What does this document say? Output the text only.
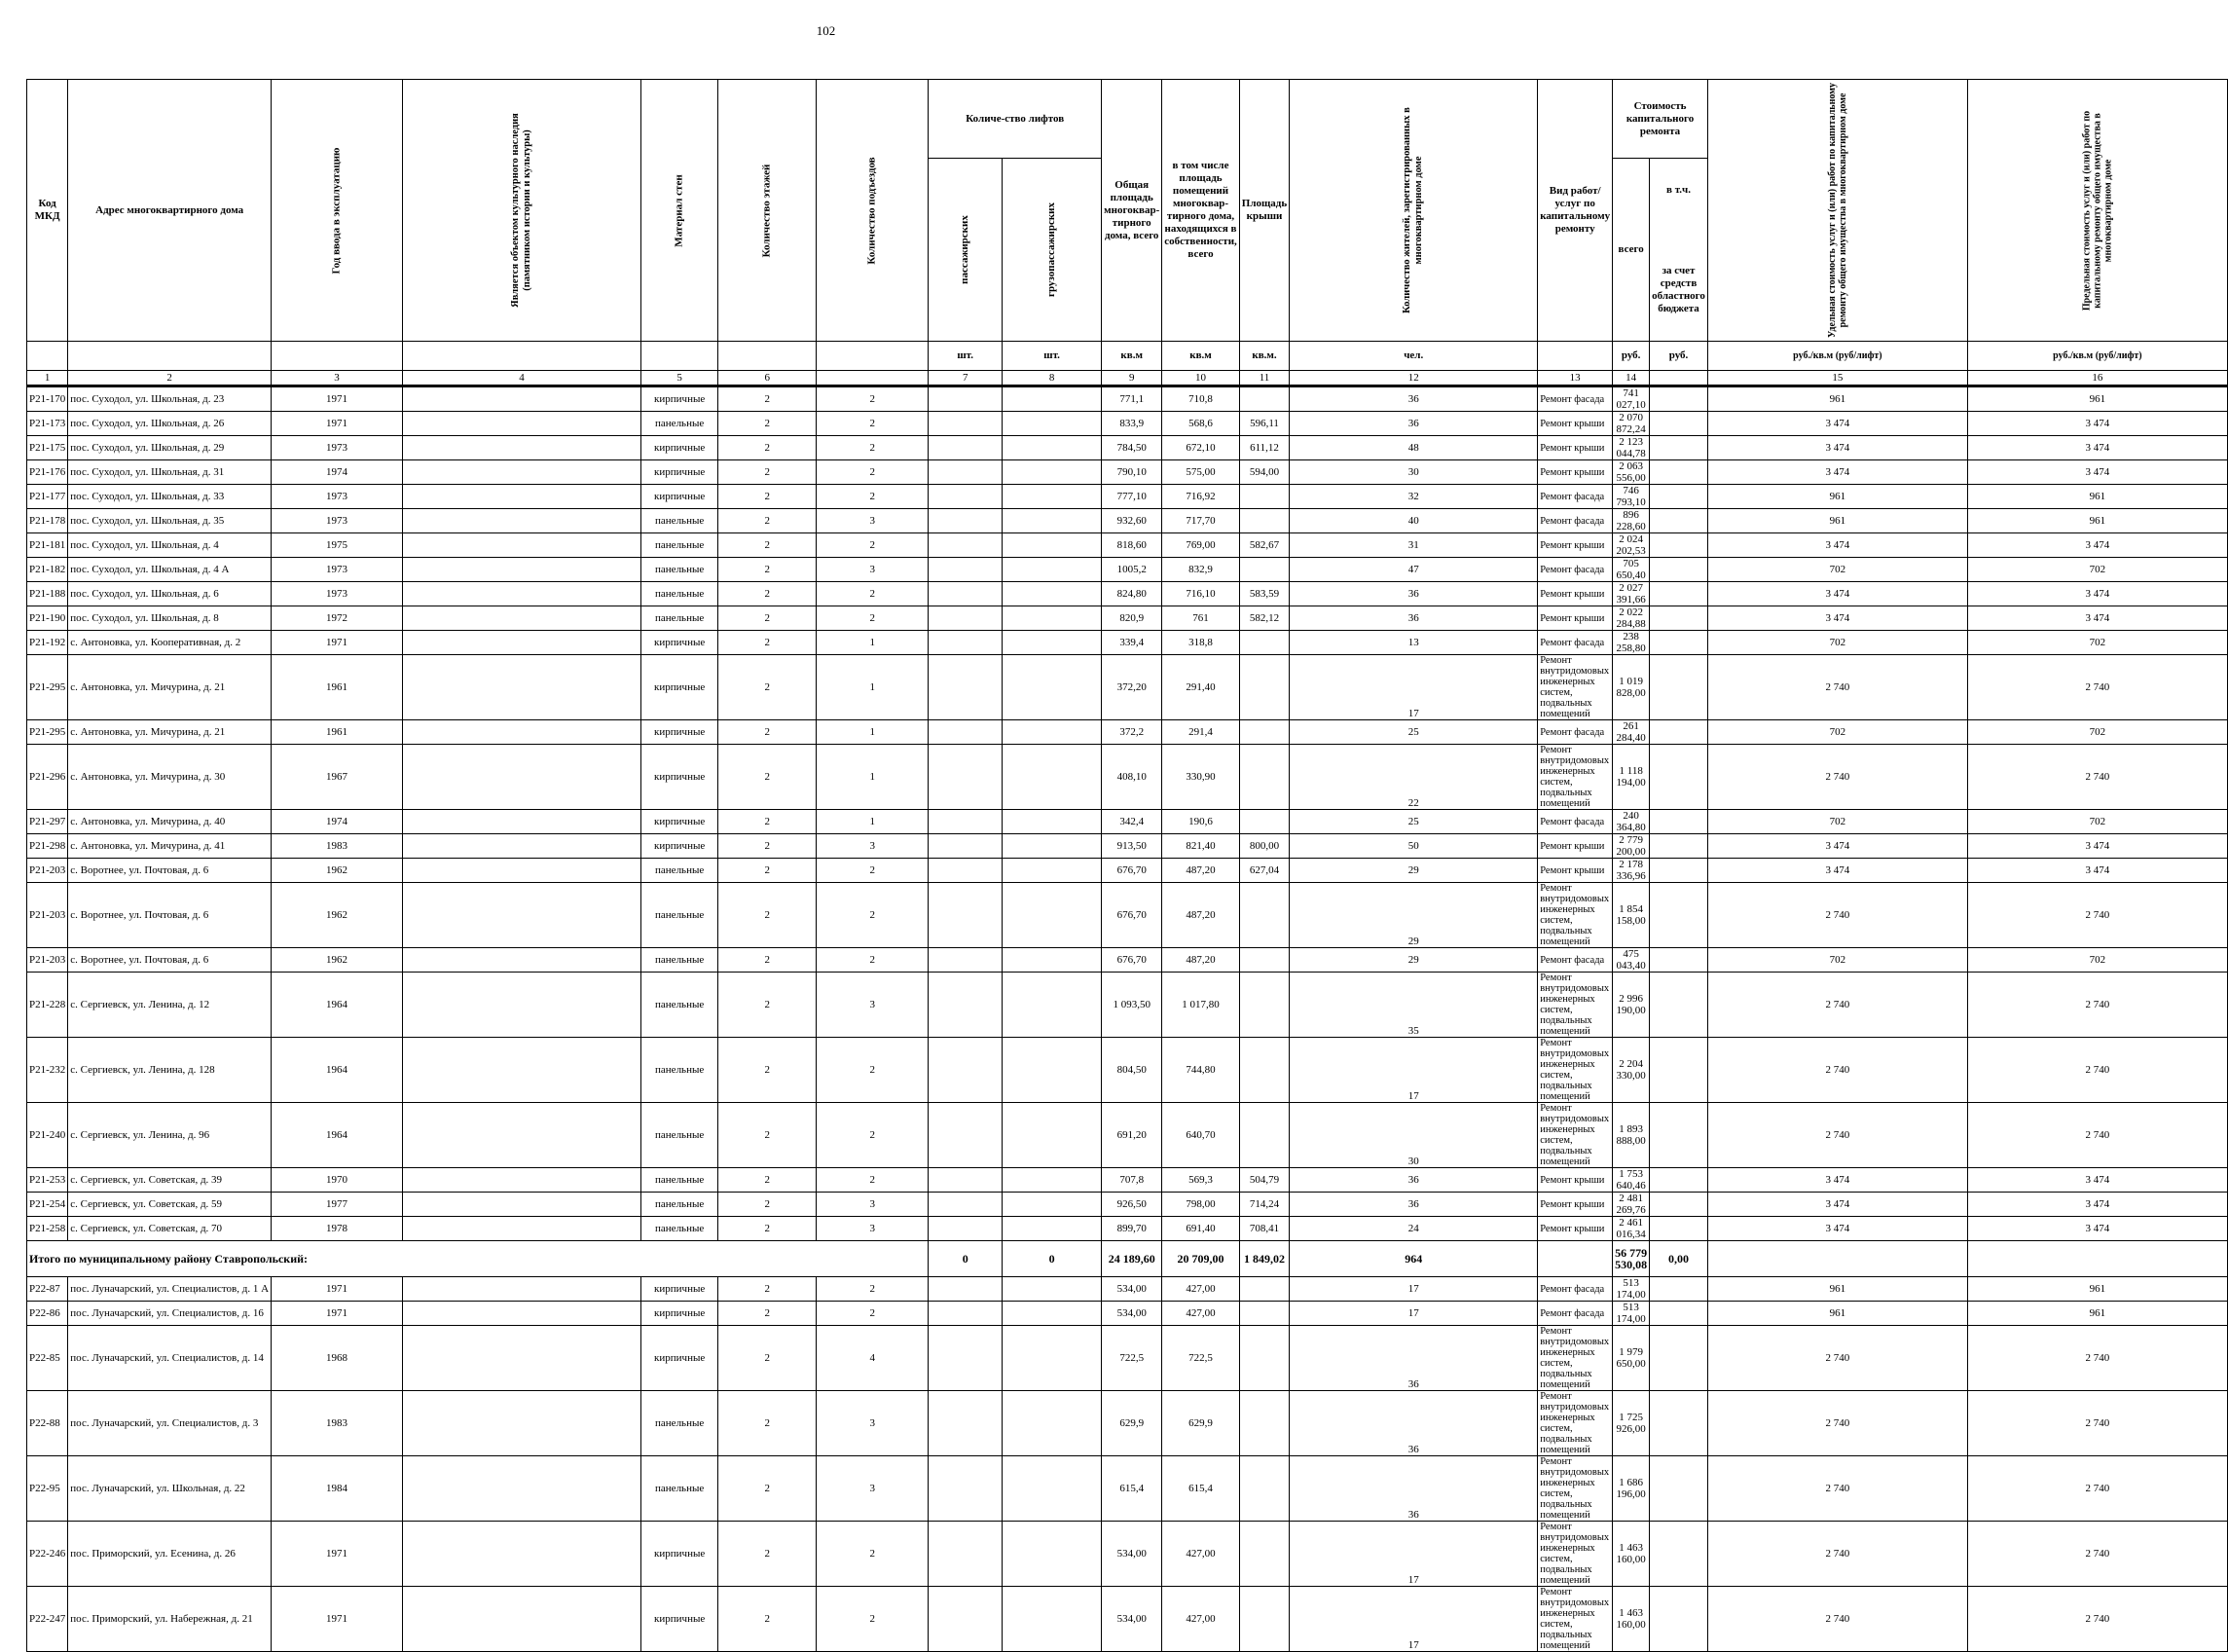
102
Код МКД	Адрес многоквартирного дома	Год ввода в эксплуатацию	Является объектом культурного наследия (памятником истории и культуры)	Материал стен	Количество этажей	Количество подъездов	Количе-ство лифтов		Общая площадь многоквар-тирного дома, всего	в том числе площадь помещений многоквар-тирного дома, находящихся в собственности, всего	Площадь крыши	Количество жителей, зарегистрированных в многоквартирном доме	Вид работ/услуг по капитальному ремонту	Стоимость капитального ремонта		Удельная стоимость услуг и (или) работ по капитальному ремонту общего имущества в многоквартирном доме	Предельная стоимость услуг и (или) работ по капитальному ремонту общего имущества в многоквартирном доме

							пассажирских	грузопассажирских						всего	в т.ч.
за счет средств областного бюджета		

							шт.	шт.	кв.м	кв.м	кв.м.	чел.		руб.	руб.	руб./кв.м (руб/лифт)	руб./кв.м (руб/лифт)
1	2	3	4	5	6		7	8	9	10	11	12	13	14		15	16
P21-170	пос. Суходол, ул. Школьная, д. 23	1971		кирпичные	2	2			771,1	710,8		36	Ремонт фасада	741 027,10		961	961
P21-173	пос. Суходол, ул. Школьная, д. 26	1971		панельные	2	2			833,9	568,6	596,11	36	Ремонт крыши	2 070 872,24		3 474	3 474
P21-175	пос. Суходол, ул. Школьная, д. 29	1973		кирпичные	2	2			784,50	672,10	611,12	48	Ремонт крыши	2 123 044,78		3 474	3 474
P21-176	пос. Суходол, ул. Школьная, д. 31	1974		кирпичные	2	2			790,10	575,00	594,00	30	Ремонт крыши	2 063 556,00		3 474	3 474
P21-177	пос. Суходол, ул. Школьная, д. 33	1973		кирпичные	2	2			777,10	716,92		32	Ремонт фасада	746 793,10		961	961
P21-178	пос. Суходол, ул. Школьная, д. 35	1973		панельные	2	3			932,60	717,70		40	Ремонт фасада	896 228,60		961	961
P21-181	пос. Суходол, ул. Школьная, д. 4	1975		панельные	2	2			818,60	769,00	582,67	31	Ремонт крыши	2 024 202,53		3 474	3 474
P21-182	пос. Суходол, ул. Школьная, д. 4 А	1973		панельные	2	3			1005,2	832,9		47	Ремонт фасада	705 650,40		702	702
P21-188	пос. Суходол, ул. Школьная, д. 6	1973		панельные	2	2			824,80	716,10	583,59	36	Ремонт крыши	2 027 391,66		3 474	3 474
P21-190	пос. Суходол, ул. Школьная, д. 8	1972		панельные	2	2			820,9	761	582,12	36	Ремонт крыши	2 022 284,88		3 474	3 474
P21-192	с. Антоновка, ул. Кооперативная, д. 2	1971		кирпичные	2	1			339,4	318,8		13	Ремонт фасада	238 258,80		702	702
P21-295	с. Антоновка, ул. Мичурина, д. 21	1961		кирпичные	2	1			372,20	291,40		17	Ремонт внутридомовых инженерных систем, подвальных помещений	1 019 828,00		2 740	2 740
P21-295	с. Антоновка, ул. Мичурина, д. 21	1961		кирпичные	2	1			372,2	291,4		25	Ремонт фасада	261 284,40		702	702
P21-296	с. Антоновка, ул. Мичурина, д. 30	1967		кирпичные	2	1			408,10	330,90		22	Ремонт внутридомовых инженерных систем, подвальных помещений	1 118 194,00		2 740	2 740
P21-297	с. Антоновка, ул. Мичурина, д. 40	1974		кирпичные	2	1			342,4	190,6		25	Ремонт фасада	240 364,80		702	702
P21-298	с. Антоновка, ул. Мичурина, д. 41	1983		кирпичные	2	3			913,50	821,40	800,00	50	Ремонт крыши	2 779 200,00		3 474	3 474
P21-203	с. Воротнее, ул. Почтовая, д. 6	1962		панельные	2	2			676,70	487,20	627,04	29	Ремонт крыши	2 178 336,96		3 474	3 474
P21-203	с. Воротнее, ул. Почтовая, д. 6	1962		панельные	2	2			676,70	487,20		29	Ремонт внутридомовых инженерных систем, подвальных помещений	1 854 158,00		2 740	2 740
P21-203	с. Воротнее, ул. Почтовая, д. 6	1962		панельные	2	2			676,70	487,20		29	Ремонт фасада	475 043,40		702	702
P21-228	с. Сергиевск, ул. Ленина, д. 12	1964		панельные	2	3			1 093,50	1 017,80		35	Ремонт внутридомовых инженерных систем, подвальных помещений	2 996 190,00		2 740	2 740
P21-232	с. Сергиевск, ул. Ленина, д. 128	1964		панельные	2	2			804,50	744,80		17	Ремонт внутридомовых инженерных систем, подвальных помещений	2 204 330,00		2 740	2 740
P21-240	с. Сергиевск, ул. Ленина, д. 96	1964		панельные	2	2			691,20	640,70		30	Ремонт внутридомовых инженерных систем, подвальных помещений	1 893 888,00		2 740	2 740
P21-253	с. Сергиевск, ул. Советская, д. 39	1970		панельные	2	2			707,8	569,3	504,79	36	Ремонт крыши	1 753 640,46		3 474	3 474
P21-254	с. Сергиевск, ул. Советская, д. 59	1977		панельные	2	3			926,50	798,00	714,24	36	Ремонт крыши	2 481 269,76		3 474	3 474
P21-258	с. Сергиевск, ул. Советская, д. 70	1978		панельные	2	3			899,70	691,40	708,41	24	Ремонт крыши	2 461 016,34		3 474	3 474
Итого по муниципальному району Ставропольский:							0	0	24 189,60	20 709,00	1 849,02	964		56 779 530,08	0,00		
P22-87	пос. Луначарский, ул. Специалистов, д. 1 А	1971		кирпичные	2	2			534,00	427,00		17	Ремонт фасада	513 174,00		961	961
P22-86	пос. Луначарский, ул. Специалистов, д. 16	1971		кирпичные	2	2			534,00	427,00		17	Ремонт фасада	513 174,00		961	961
P22-85	пос. Луначарский, ул. Специалистов, д. 14	1968		кирпичные	2	4			722,5	722,5		36	Ремонт внутридомовых инженерных систем, подвальных помещений	1 979 650,00		2 740	2 740
P22-88	пос. Луначарский, ул. Специалистов, д. 3	1983		панельные	2	3			629,9	629,9		36	Ремонт внутридомовых инженерных систем, подвальных помещений	1 725 926,00		2 740	2 740
P22-95	пос. Луначарский, ул. Школьная, д. 22	1984		панельные	2	3			615,4	615,4		36	Ремонт внутридомовых инженерных систем, подвальных помещений	1 686 196,00		2 740	2 740
P22-246	пос. Приморский, ул. Есенина, д. 26	1971		кирпичные	2	2			534,00	427,00		17	Ремонт внутридомовых инженерных систем, подвальных помещений	1 463 160,00		2 740	2 740
P22-247	пос. Приморский, ул. Набережная, д. 21	1971		кирпичные	2	2			534,00	427,00		17	Ремонт внутридомовых инженерных систем, подвальных помещений	1 463 160,00		2 740	2 740
